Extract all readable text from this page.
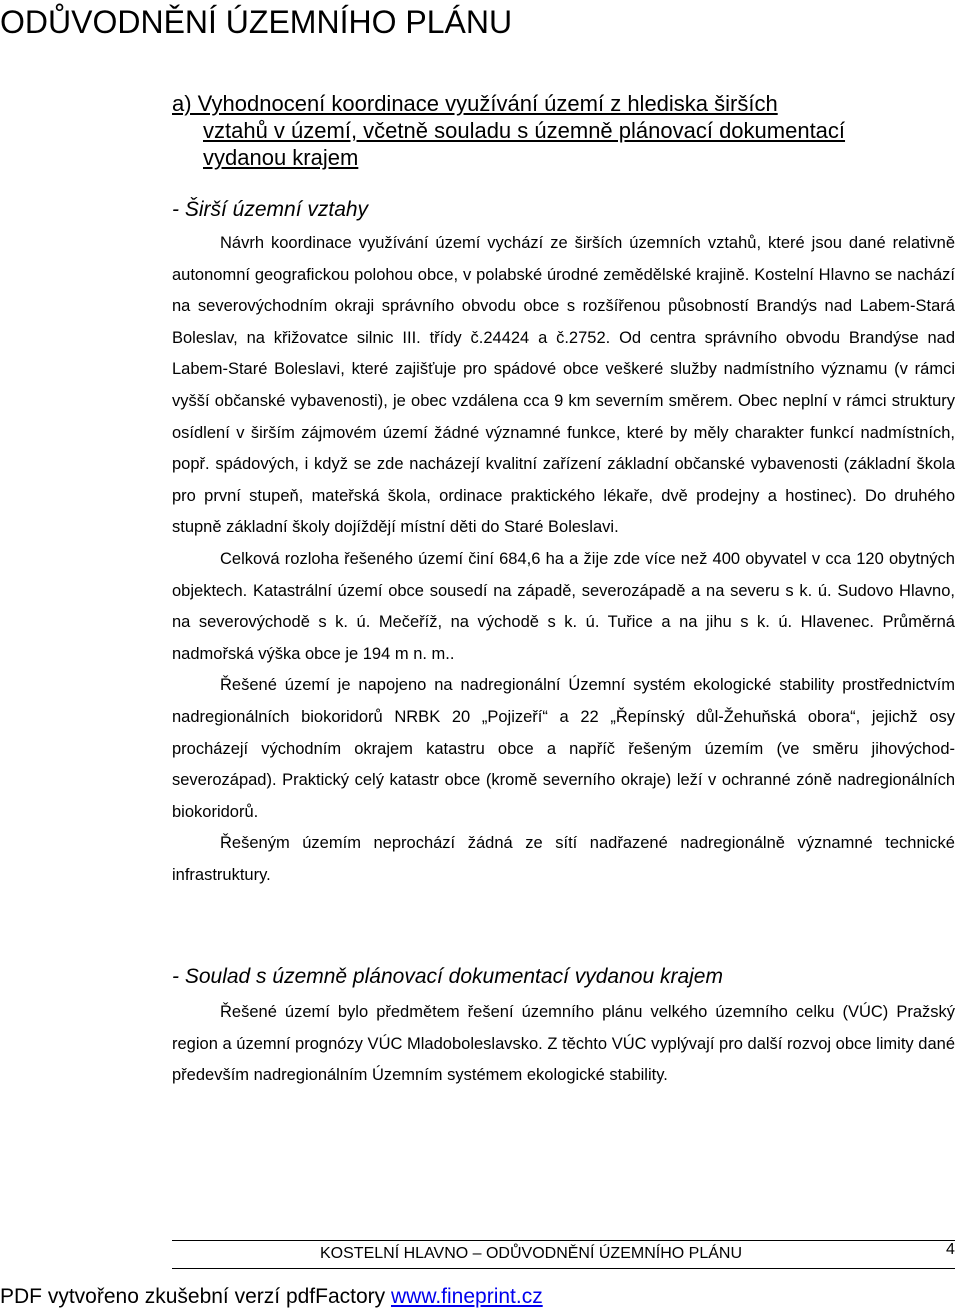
ODŮVODNĚNÍ ÚZEMNÍHO PLÁNU
a) Vyhodnocení koordinace využívání území z hlediska širších
vztahů v území, včetně souladu s územně plánovací dokumentací
vydanou krajem
- Širší územní vztahy

Návrh koordinace využívání území vychází ze širších územních vztahů, které jsou dané relativně autonomní geografickou polohou obce, v polabské úrodné zemědělské krajině. Kostelní Hlavno se nachází na severovýchodním okraji správního obvodu obce s rozšířenou působností Brandýs nad Labem-Stará Boleslav, na křižovatce silnic III. třídy č.24424 a č.2752. Od centra správního obvodu Brandýse nad Labem-Staré Boleslavi, které zajišťuje pro spádové obce veškeré služby nadmístního významu (v rámci vyšší občanské vybavenosti), je obec vzdálena cca 9 km severním směrem. Obec neplní v rámci struktury osídlení v širším zájmovém území žádné významné funkce, které by měly charakter funkcí nadmístních, popř. spádových, i když se zde nacházejí kvalitní zařízení základní občanské vybavenosti (základní škola pro první stupeň, mateřská škola, ordinace praktického lékaře, dvě prodejny a hostinec). Do druhého stupně základní školy dojíždějí místní děti do Staré Boleslavi.

Celková rozloha řešeného území činí 684,6 ha a žije zde více než 400 obyvatel v cca 120 obytných objektech. Katastrální území obce sousedí na západě, severozápadě a na severu s k. ú. Sudovo Hlavno, na severovýchodě s k. ú. Mečeříž, na východě s k. ú. Tuřice a na jihu s k. ú. Hlavenec. Průměrná nadmořská výška obce je 194 m n. m..

Řešené území je napojeno na nadregionální Územní systém ekologické stability prostřednictvím nadregionálních biokoridorů NRBK 20 „Pojizeří“ a 22 „Řepínský důl-Žehuňská obora“, jejichž osy procházejí východním okrajem katastru obce a napříč řešeným územím (ve směru jihovýchod-severozápad). Praktický celý katastr obce (kromě severního okraje) leží v ochranné zóně nadregionálních biokoridorů.

Řešeným územím neprochází žádná ze sítí nadřazené nadregionálně významné technické infrastruktury.

- Soulad s územně plánovací dokumentací vydanou krajem

Řešené území bylo předmětem řešení územního plánu velkého územního celku (VÚC) Pražský region a územní prognózy VÚC Mladoboleslavsko. Z těchto VÚC vyplývají pro další rozvoj obce limity dané především nadregionálním Územním systémem ekologické stability.

KOSTELNÍ HLAVNO – ODŮVODNĚNÍ ÚZEMNÍHO PLÁNU	4
PDF vytvořeno zkušební verzí pdfFactory www.fineprint.cz
